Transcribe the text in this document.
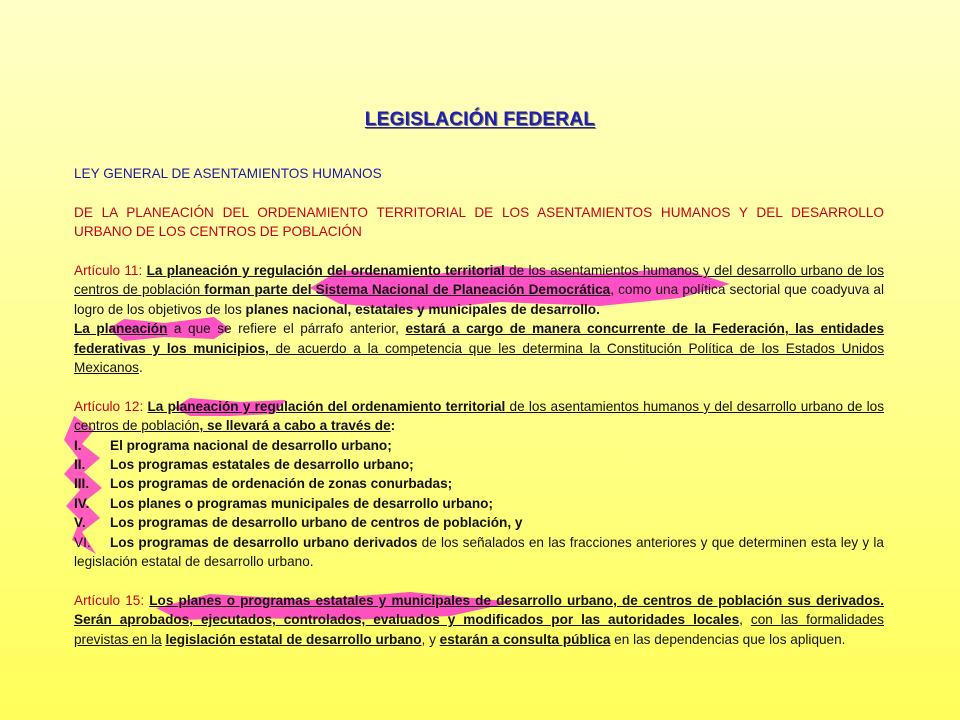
LEGISLACIÓN FEDERAL

LEY GENERAL DE ASENTAMIENTOS HUMANOS

DE LA PLANEACIÓN DEL ORDENAMIENTO TERRITORIAL DE LOS ASENTAMIENTOS HUMANOS Y DEL DESARROLLO URBANO DE LOS CENTROS DE POBLACIÓN

Artículo 11: La planeación y regulación del ordenamiento territorial de los asentamientos humanos y del desarrollo urbano de los centros de población forman parte del Sistema Nacional de Planeación Democrática, como una política sectorial que coadyuva al logro de los objetivos de los planes nacional, estatales y municipales de desarrollo.

La planeación a que se refiere el párrafo anterior, estará a cargo de manera concurrente de la Federación, las entidades federativas y los municipios, de acuerdo a la competencia que les determina la Constitución Política de los Estados Unidos Mexicanos.

Artículo 12: La planeación y regulación del ordenamiento territorial de los asentamientos humanos y del desarrollo urbano de los centros de población, se llevará a cabo a través de:

I. El programa nacional de desarrollo urbano;
II. Los programas estatales de desarrollo urbano;
III. Los programas de ordenación de zonas conurbadas;
IV. Los planes o programas municipales de desarrollo urbano;
V. Los programas de desarrollo urbano de centros de población, y

VI. Los programas de desarrollo urbano derivados de los señalados en las fracciones anteriores y que determinen esta ley y la legislación estatal de desarrollo urbano.

Artículo 15: Los planes o programas estatales y municipales de desarrollo urbano, de centros de población sus derivados. Serán aprobados, ejecutados, controlados, evaluados y modificados por las autoridades locales, con las formalidades previstas en la legislación estatal de desarrollo urbano, y estarán a consulta pública en las dependencias que los apliquen.
